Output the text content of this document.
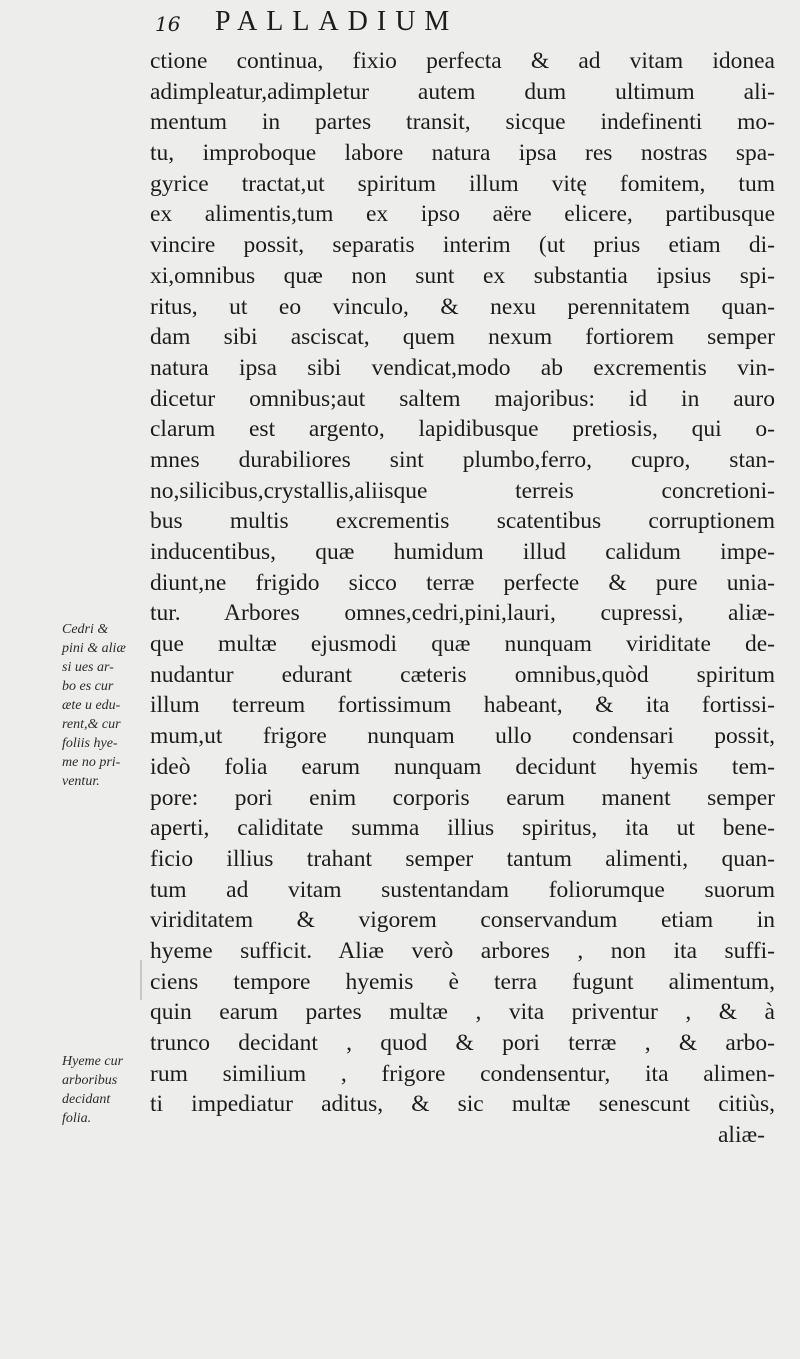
16 PALLADIUM
ctione continua, fixio perfecta & ad vitam idonea
adimpleatur,adimpletur autem dum ultimum ali-
mentum in partes transit, sicque indefinenti mo-
tu, improboque labore natura ipsa res nostras spa-
gyrice tractat,ut spiritum illum vitę fomitem, tum
ex alimentis,tum ex ipso aëre elicere, partibusque
vincire possit, separatis interim (ut prius etiam di-
xi,omnibus quæ non sunt ex substantia ipsius spi-
ritus, ut eo vinculo, & nexu perennitatem quan-
dam sibi asciscat, quem nexum fortiorem semper
natura ipsa sibi vendicat,modo ab excrementis vin-
dicetur omnibus;aut saltem majoribus: id in auro
clarum est argento, lapidibusque pretiosis, qui o-
mnes durabiliores sint plumbo,ferro, cupro, stan-
no,silicibus,crystallis,aliisque terreis concretioni-
bus multis excrementis scatentibus corruptionem
inducentibus, quæ humidum illud calidum impe-
diunt,ne frigido sicco terræ perfecte & pure unia-
tur. Arbores omnes,cedri,pini,lauri, cupressi, aliæ-
que multæ ejusmodi quæ nunquam viriditate de-
nudantur edurant cæteris omnibus,quòd spiritum
illum terreum fortissimum habeant, & ita fortissi-
mum,ut frigore nunquam ullo condensari possit,
ideò folia earum nunquam decidunt hyemis tem-
pore: pori enim corporis earum manent semper
aperti, caliditate summa illius spiritus, ita ut bene-
ficio illius trahant semper tantum alimenti, quan-
tum ad vitam sustentandam foliorumque suorum
viriditatem & vigorem conservandum etiam in
hyeme sufficit. Aliæ verò arbores , non ita suffi-
ciens tempore hyemis è terra fugunt alimentum,
quin earum partes multæ , vita priventur , & à
trunco decidant , quod & pori terræ , & arbo-
rum similium , frigore condensentur, ita alimen-
ti impediatur aditus, & sic multæ senescunt citiùs,
aliæ-
Cedri &
pini & aliæ
si ues ar-
bo es cur
æte u edu-
rent,& cur
foliis hye-
me no pri-
ventur.
Hyeme cur
arboribus
decidant
folia.
